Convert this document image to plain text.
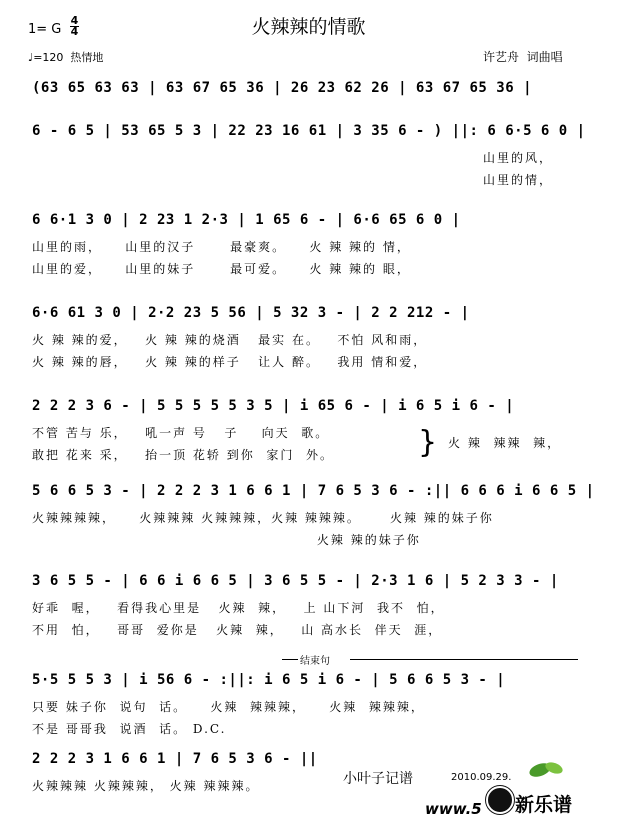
火辣辣的情歌
1= G
4
4
♩=120  热情地	许艺舟  词曲唱
(63 65 63 63 | 63 67 65 36 | 26 23 62 26 | 63 67 65 36 |
6 - 6 5 | 53 65 5 3 | 22 23 16 61 | 3 35 6 - ) ||: 6 6·5 6 0 |
山里的风，
山里的情，
6 6·1 3 0 | 2 23 1 2·3 | 1 65 6 - | 6·6 65 6 0 |
山里的雨，    山里的汉子      最豪爽。    火 辣 辣的 情，
山里的爱，    山里的妹子      最可爱。    火 辣 辣的 眼，
6·6 61 3 0 | 2·2 23 5 56 | 5 32 3 - | 2 2 212 - |
火 辣 辣的爱，   火 辣 辣的烧酒   最实 在。   不怕 风和雨，
火 辣 辣的唇，   火 辣 辣的样子   让人 醉。   我用 情和爱，
2 2 2 3 6 - | 5 5 5 5 5 3 5 | i 65 6 - | i 6 5 i 6 - |
不管 苦与 乐，   吼一声 号   子    向天  歌。
敢把 花来 采，   抬一顶 花轿 到你  家门  外。
火 辣  辣辣  辣，
}
5 6 6 5 3 - | 2 2 2 3 1 6 6 1 | 7 6 5 3 6 - :|| 6 6 6 i 6 6 5 |
火辣辣辣辣，    火辣辣辣 火辣辣辣，火辣 辣辣辣。     火辣 辣的妹子你
火辣 辣的妹子你
3 6 5 5 - | 6 6 i 6 6 5 | 3 6 5 5 - | 2·3 1 6 | 5 2 3 3 - |
好乖  喔，   看得我心里是   火辣  辣，   上 山下河  我不  怕，
不用  怕，   哥哥  爱你是   火辣  辣，   山 高水长  伴天  涯，
结束句
5·5 5 5 3 | i 56 6 - :||: i 6 5 i 6 - | 5 6 6 5 3 - |
只要 妹子你  说句  话。    火辣  辣辣辣，    火辣  辣辣辣，
不是 哥哥我  说酒  话。 D.C.
2 2 2 3 1 6 6 1 | 7 6 5 3 6 - ||
火辣辣辣 火辣辣辣， 火辣 辣辣辣。	小叶子记谱	2010.09.29.
www.5 新乐谱
